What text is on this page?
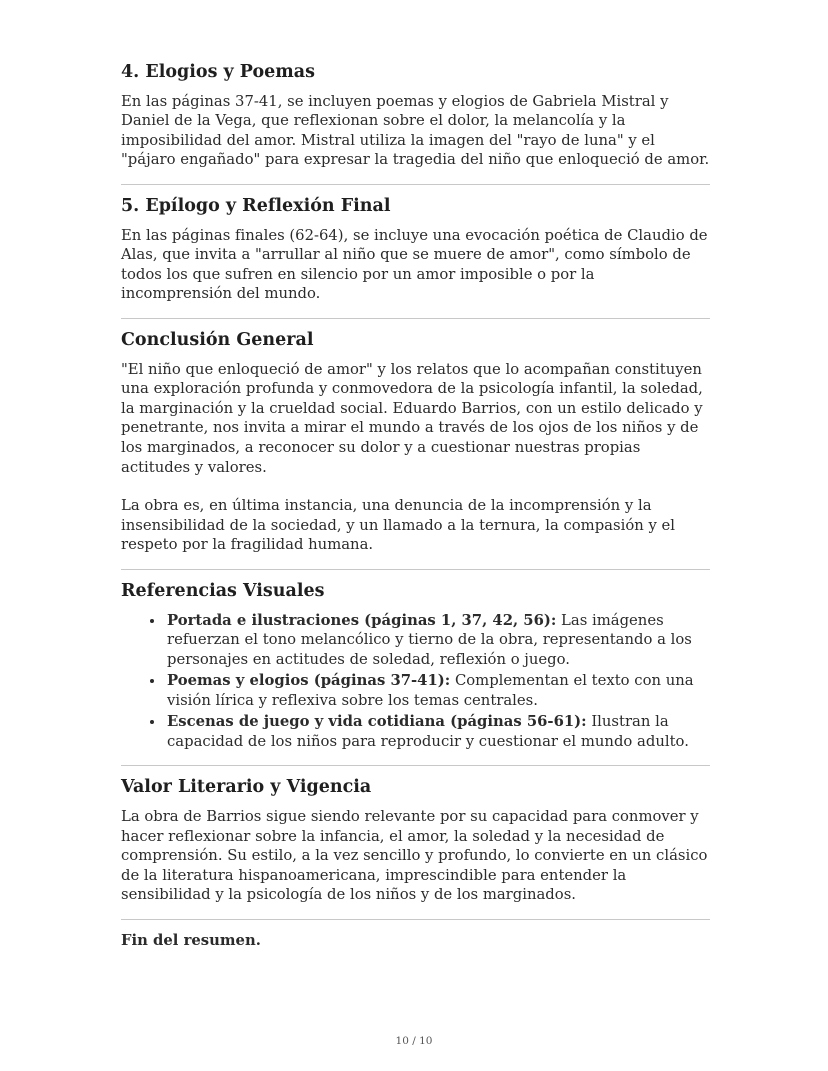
4. Elogios y Poemas

En las páginas 37-41, se incluyen poemas y elogios de Gabriela Mistral y Daniel de la Vega, que reflexionan sobre el dolor, la melancolía y la imposibilidad del amor. Mistral utiliza la imagen del "rayo de luna" y el "pájaro engañado" para expresar la tragedia del niño que enloqueció de amor.

5. Epílogo y Reflexión Final

En las páginas finales (62-64), se incluye una evocación poética de Claudio de Alas, que invita a "arrullar al niño que se muere de amor", como símbolo de todos los que sufren en silencio por un amor imposible o por la incomprensión del mundo.

Conclusión General

"El niño que enloqueció de amor" y los relatos que lo acompañan constituyen una exploración profunda y conmovedora de la psicología infantil, la soledad, la marginación y la crueldad social. Eduardo Barrios, con un estilo delicado y penetrante, nos invita a mirar el mundo a través de los ojos de los niños y de los marginados, a reconocer su dolor y a cuestionar nuestras propias actitudes y valores.

La obra es, en última instancia, una denuncia de la incomprensión y la insensibilidad de la sociedad, y un llamado a la ternura, la compasión y el respeto por la fragilidad humana.

Referencias Visuales
• Portada e ilustraciones (páginas 1, 37, 42, 56): Las imágenes refuerzan el tono melancólico y tierno de la obra, representando a los personajes en actitudes de soledad, reflexión o juego.
• Poemas y elogios (páginas 37-41): Complementan el texto con una visión lírica y reflexiva sobre los temas centrales.
• Escenas de juego y vida cotidiana (páginas 56-61): Ilustran la capacidad de los niños para reproducir y cuestionar el mundo adulto.
Valor Literario y Vigencia

La obra de Barrios sigue siendo relevante por su capacidad para conmover y hacer reflexionar sobre la infancia, el amor, la soledad y la necesidad de comprensión. Su estilo, a la vez sencillo y profundo, lo convierte en un clásico de la literatura hispanoamericana, imprescindible para entender la sensibilidad y la psicología de los niños y de los marginados.

Fin del resumen.

10 / 10
